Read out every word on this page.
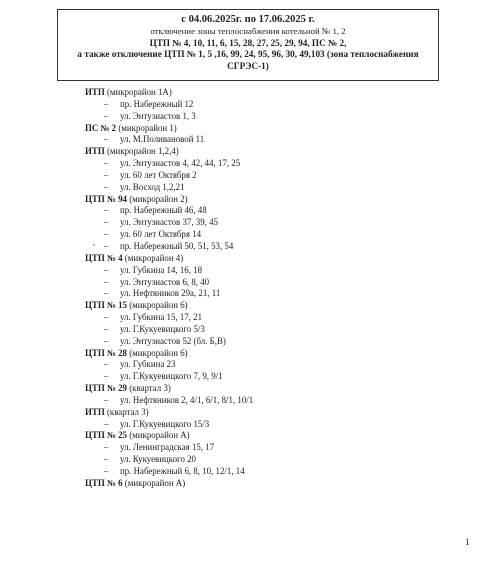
с 04.06.2025г. по 17.06.2025 г.
отключение зоны теплоснабжения котельной № 1, 2
ЦТП № 4, 10, 11, 6, 15, 28, 27, 25, 29, 94, ПС № 2,
а также отключение ЦТП № 1, 5 ,16, 99, 24, 95, 96, 30, 49,103 (зона теплоснабжения
СГРЭС-1)
ИТП (микрорайон 1А)
– пр. Набережный 12
– ул. Энтузиастов 1, 3
ПС № 2 (микрорайон 1)
– ул. М.Поливановой 11
ИТП (микрорайон 1,2,4)
– ул. Энтузиастов 4, 42, 44, 17, 25
– ул. 60 лет Октября 2
– ул. Восход 1,2,21
ЦТП № 94 (микрорайон 2)
– пр. Набережный 46, 48
– ул. Энтузиастов 37, 39, 45
– ул. 60 лет Октября 14
– пр. Набережный 50, 51, 53, 54
ЦТП № 4 (микрорайон 4)
– ул. Губкина 14, 16, 18
– ул. Энтузиастов 6, 8, 40
– ул. Нефтяников 29а, 21, 11
ЦТП № 15 (микрорайон 6)
– ул. Губкина 15, 17, 21
– ул. Г.Кукуевицкого 5/3
– ул. Энтузиастов 52 (бл. Б,В)
ЦТП № 28 (микрорайон 6)
– ул. Губкина 23
– ул. Г.Кукуевицкого 7, 9, 9/1
ЦТП № 29 (квартал 3)
– ул. Нефтяников 2, 4/1, 6/1, 8/1, 10/1
ИТП (квартал 3)
– ул. Г.Кукуевицкого 15/3
ЦТП № 25 (микрорайон А)
– ул. Ленинградская 15, 17
– ул. Кукуевицкого 20
– пр. Набережный 6, 8, 10, 12/1, 14
ЦТП № 6 (микрорайон А)
,
1
